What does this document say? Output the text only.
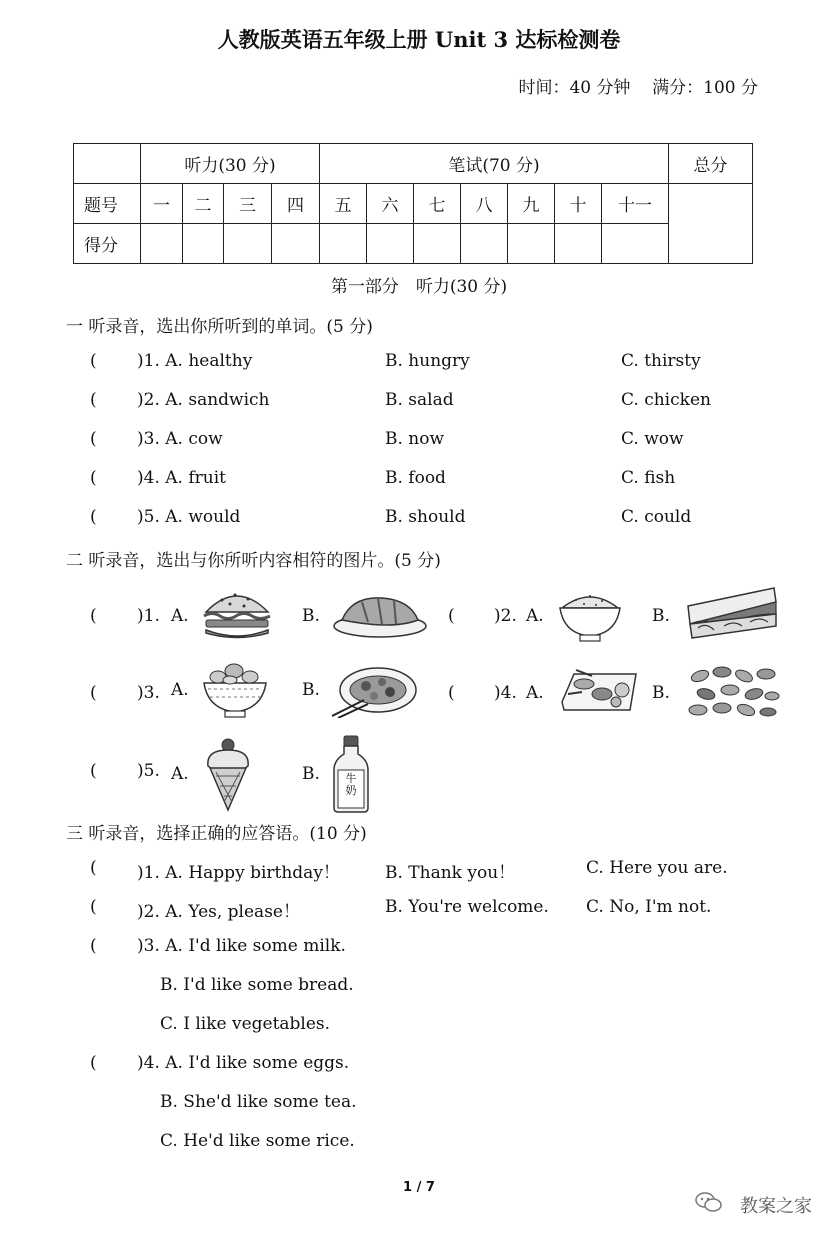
人教版英语五年级上册 Unit 3 达标检测卷
时间：40 分钟 满分：100 分
	听力(30 分)				笔试(70 分)							总分
题号	一	二	三	四	五	六	七	八	九	十	十一	
得分												
第一部分　听力(30 分)
一 听录音，选出你所听到的单词。(5 分)
( )1. A. healthy	B. hungry	C. thirsty
( )2. A. sandwich	B. salad	C. chicken
( )3. A. cow	B. now	C. wow
( )4. A. fruit	B. food	C. fish
( )5. A. would	B. should	C. could
二 听录音，选出与你所听内容相符的图片。(5 分)
( )1. A.	B.	( )2. A.	B.
( )3. A.	B.	( )4. A.	B.
( )5. A.	B.	牛奶
三 听录音，选择正确的应答语。(10 分)
( )1. A. Happy birthday！	B. Thank you！	C. Here you are.
( )2. A. Yes, please！	B. You're welcome. C. No, I'm not.
( )3. A. I'd like some milk.
B. I'd like some bread.
C. I like vegetables.
( )4. A. I'd like some eggs.
B. She'd like some tea.
C. He'd like some rice.
1 / 7
教案之家
